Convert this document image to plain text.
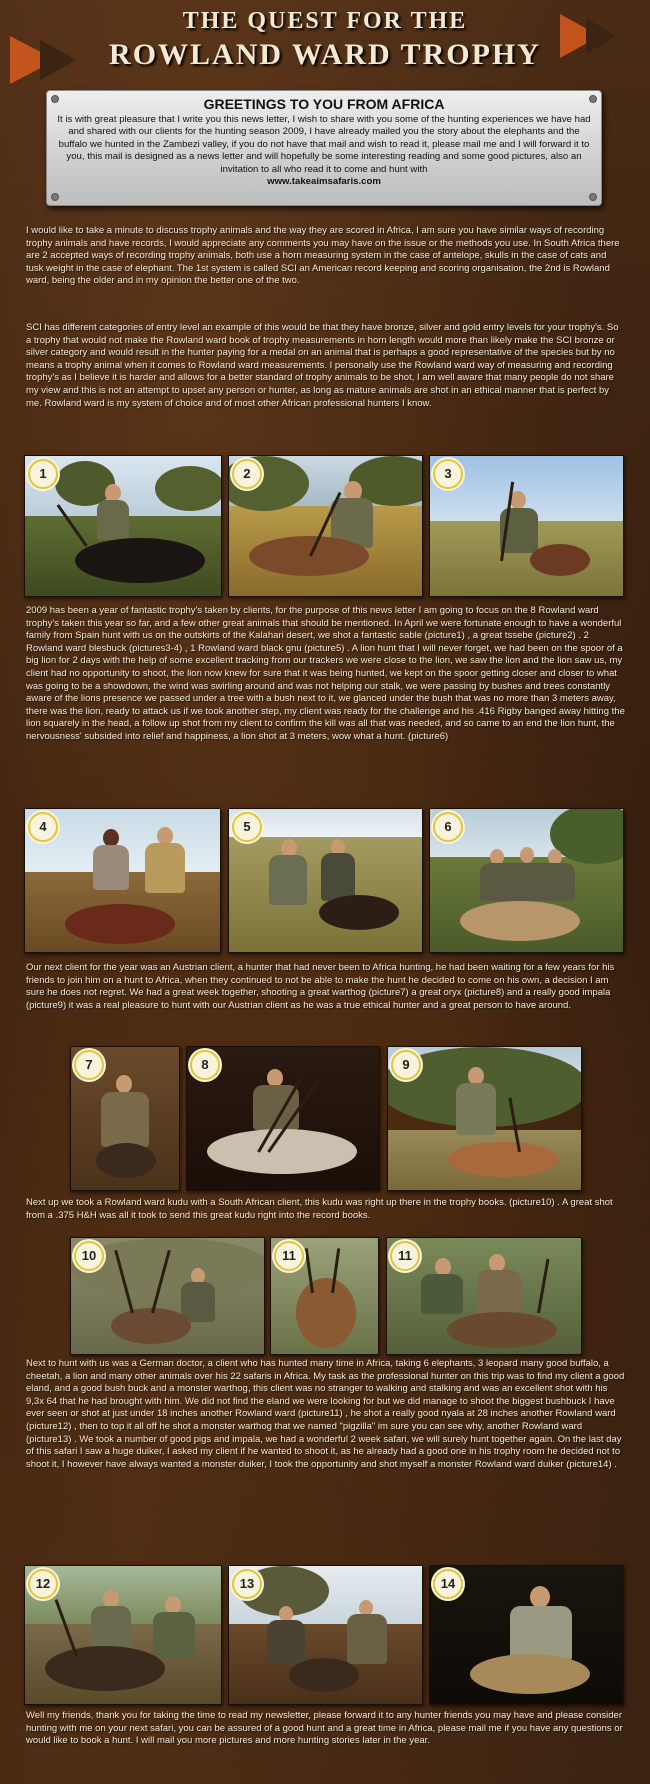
THE QUEST FOR THE
ROWLAND WARD TROPHY
GREETINGS TO YOU FROM AFRICA
It is with great pleasure that I write you this news letter, I wish to share with you some of the hunting experiences we have had and shared with our clients for the hunting season 2009, I have already mailed you the story about the elephants and the buffalo we hunted in the Zambezi valley, if you do not have that mail and wish to read it, please mail me and I will forward it to you, this mail is designed as a news letter and will hopefully be some interesting reading and some good pictures, also an invitation to all who read it to come and hunt with
www.takeaimsafaris.com
I would like to take a minute to discuss trophy animals and the way they are scored in Africa, I am sure you have similar ways of recording trophy animals and have records, I would appreciate any comments you may have on the issue or the methods you use. In South Africa there are 2 accepted ways of recording trophy animals, both use a horn measuring system in the case of antelope, skulls in the case of cats and tusk weight in the case of elephant. The 1st system is called SCI an American record keeping and scoring organisation, the 2nd is Rowland ward, being the older and in my opinion the better one of the two.
SCI has different categories of entry level an example of this would be that they have bronze, silver and gold entry levels for your trophy's. So a trophy that would not make the Rowland ward book of trophy measurements in horn length would more than likely make the SCI bronze or silver category and would result in the hunter paying for a medal on an animal that is perhaps a good representative of the species but by no means a trophy animal when it comes to Rowland ward measurements. I personally use the Rowland ward way of measuring and recording trophy's as I believe it is harder and allows for a better standard of trophy animals to be shot, I am well aware that many people do not share my view and this is not an attempt to upset any person or hunter, as long as mature animals are shot in an ethical manner that is perfect by me. Rowland ward is my system of choice and of most other African professional hunters I know.
2009 has been a year of fantastic trophy's taken by clients, for the purpose of this news letter I am going to focus on the 8 Rowland ward trophy's taken this year so far, and a few other great animals that should be mentioned. In April we were fortunate enough to have a wonderful family from Spain hunt with us on the outskirts of the Kalahari desert, we shot a fantastic sable (picture1) , a great tssebe (picture2) . 2 Rowland ward blesbuck (pictures3-4) , 1 Rowland ward black gnu (picture5) . A lion hunt that I will never forget, we had been on the spoor of a big lion for 2 days with the help of some excellent tracking from our trackers we were close to the lion, we saw the lion and the lion saw us, my client had no opportunity to shoot, the lion now knew for sure that it was being hunted, we kept on the spoor getting closer and closer to what was going to be a showdown, the wind was swirling around and was not helping our stalk, we were passing by bushes and trees constantly aware of the lions presence we passed under a tree with a bush next to it, we glanced under the bush that was no more than 3 meters away, there was the lion, ready to attack us if we took another step, my client was ready for the challenge and his .416 Rigby banged away hitting the lion squarely in the head, a follow up shot from my client to confirm the kill was all that was needed, and so came to an end the lion hunt, the nervousness' subsided into relief and happiness, a lion shot at 3 meters, wow what a hunt. (picture6)
Our next client for the year was an Austrian client, a hunter that had never been to Africa hunting, he had been waiting for a few years for his friends to join him on a hunt to Africa, when they continued to not be able to make the hunt he decided to come on his own, a decision I am sure he does not regret. We had a great week together, shooting a great warthog (picture7) a great oryx (picture8) and a really good impala (picture9) it was a real pleasure to hunt with our Austrian client as he was a true ethical hunter and a great person to have around.
Next up we took a Rowland ward kudu with a South African client, this kudu was right up there in the trophy books. (picture10) . A great shot from a .375 H&H was all it took to send this great kudu right into the record books.
Next to hunt with us was a German doctor, a client who has hunted many time in Africa, taking 6 elephants, 3 leopard many good buffalo, a cheetah, a lion and many other animals over his 22 safaris in Africa. My task as the professional hunter on this trip was to find my client a good eland, and a good bush buck and a monster warthog, this client was no stranger to walking and stalking and was an excellent shot with his 9,3x 64 that he had brought with him. We did not find the eland we were looking for but we did manage to shoot the biggest bushbuck I have ever seen or shot at just under 18 inches another Rowland ward (picture11) , he shot a really good nyala at 28 inches another Rowland ward (picture12) , then to top it all off he shot a monster warthog that we named "pigzilla" im sure you can see why, another Rowland ward (picture13) . We took a number of good pigs and impala, we had a wonderful 2 week safari, we will surely hunt together again. On the last day of this safari I saw a huge duiker, I asked my client if he wanted to shoot it, as he already had a good one in his trophy room he decided not to shoot it, I however have always wanted a monster duiker, I took the opportunity and shot myself a monster Rowland ward duiker (picture14) .
Well my friends, thank you for taking the time to read my newsletter, please forward it to any hunter friends you may have and please consider hunting with me on your next safari, you can be assured of a good hunt and a great time in Africa, please mail me if you have any questions or would like to book a hunt. I will mail you more pictures and more hunting stories later in the year.
1	2	3
4	5	6
7	8	9
10	11	11
12	13	14
